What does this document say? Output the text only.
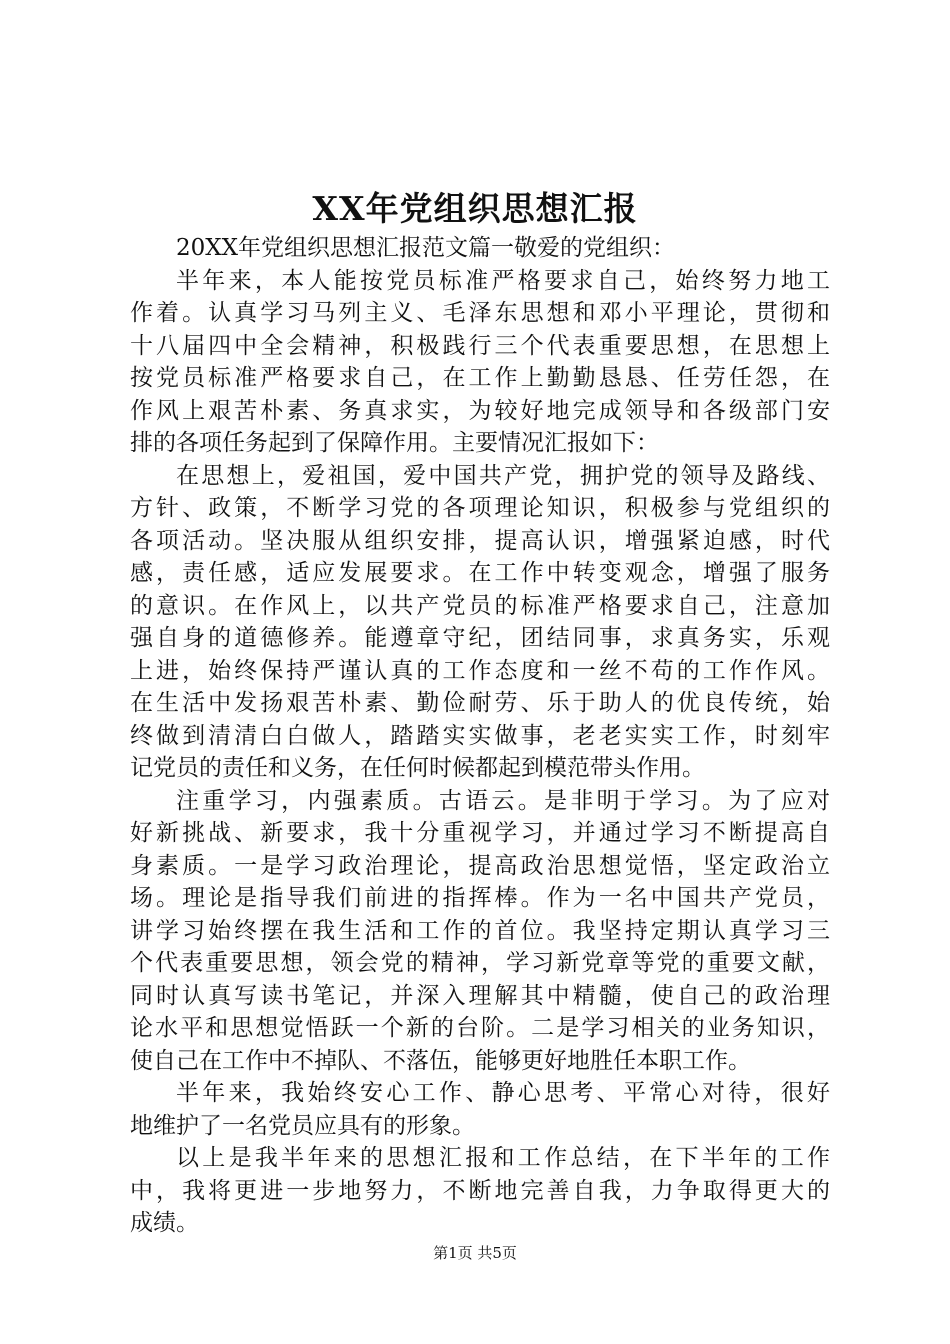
XX年党组织思想汇报
20XX年党组织思想汇报范文篇一敬爱的党组织：
半年来，本人能按党员标准严格要求自己，始终努力地工
作着。认真学习马列主义、毛泽东思想和邓小平理论，贯彻和
十八届四中全会精神，积极践行三个代表重要思想，在思想上
按党员标准严格要求自己，在工作上勤勤恳恳、任劳任怨，在
作风上艰苦朴素、务真求实，为较好地完成领导和各级部门安
排的各项任务起到了保障作用。主要情况汇报如下：
在思想上，爱祖国，爱中国共产党，拥护党的领导及路线、
方针、政策，不断学习党的各项理论知识，积极参与党组织的
各项活动。坚决服从组织安排，提高认识，增强紧迫感，时代
感，责任感，适应发展要求。在工作中转变观念，增强了服务
的意识。在作风上，以共产党员的标准严格要求自己，注意加
强自身的道德修养。能遵章守纪，团结同事，求真务实，乐观
上进，始终保持严谨认真的工作态度和一丝不苟的工作作风。
在生活中发扬艰苦朴素、勤俭耐劳、乐于助人的优良传统，始
终做到清清白白做人，踏踏实实做事，老老实实工作，时刻牢
记党员的责任和义务，在任何时候都起到模范带头作用。
注重学习，内强素质。古语云。是非明于学习。为了应对
好新挑战、新要求，我十分重视学习，并通过学习不断提高自
身素质。一是学习政治理论，提高政治思想觉悟，坚定政治立
场。理论是指导我们前进的指挥棒。作为一名中国共产党员，
讲学习始终摆在我生活和工作的首位。我坚持定期认真学习三
个代表重要思想，领会党的精神，学习新党章等党的重要文献，
同时认真写读书笔记，并深入理解其中精髓，使自己的政治理
论水平和思想觉悟跃一个新的台阶。二是学习相关的业务知识，
使自己在工作中不掉队、不落伍，能够更好地胜任本职工作。
半年来，我始终安心工作、静心思考、平常心对待，很好
地维护了一名党员应具有的形象。
以上是我半年来的思想汇报和工作总结，在下半年的工作
中，我将更进一步地努力，不断地完善自我，力争取得更大的
成绩。
第1页 共5页
